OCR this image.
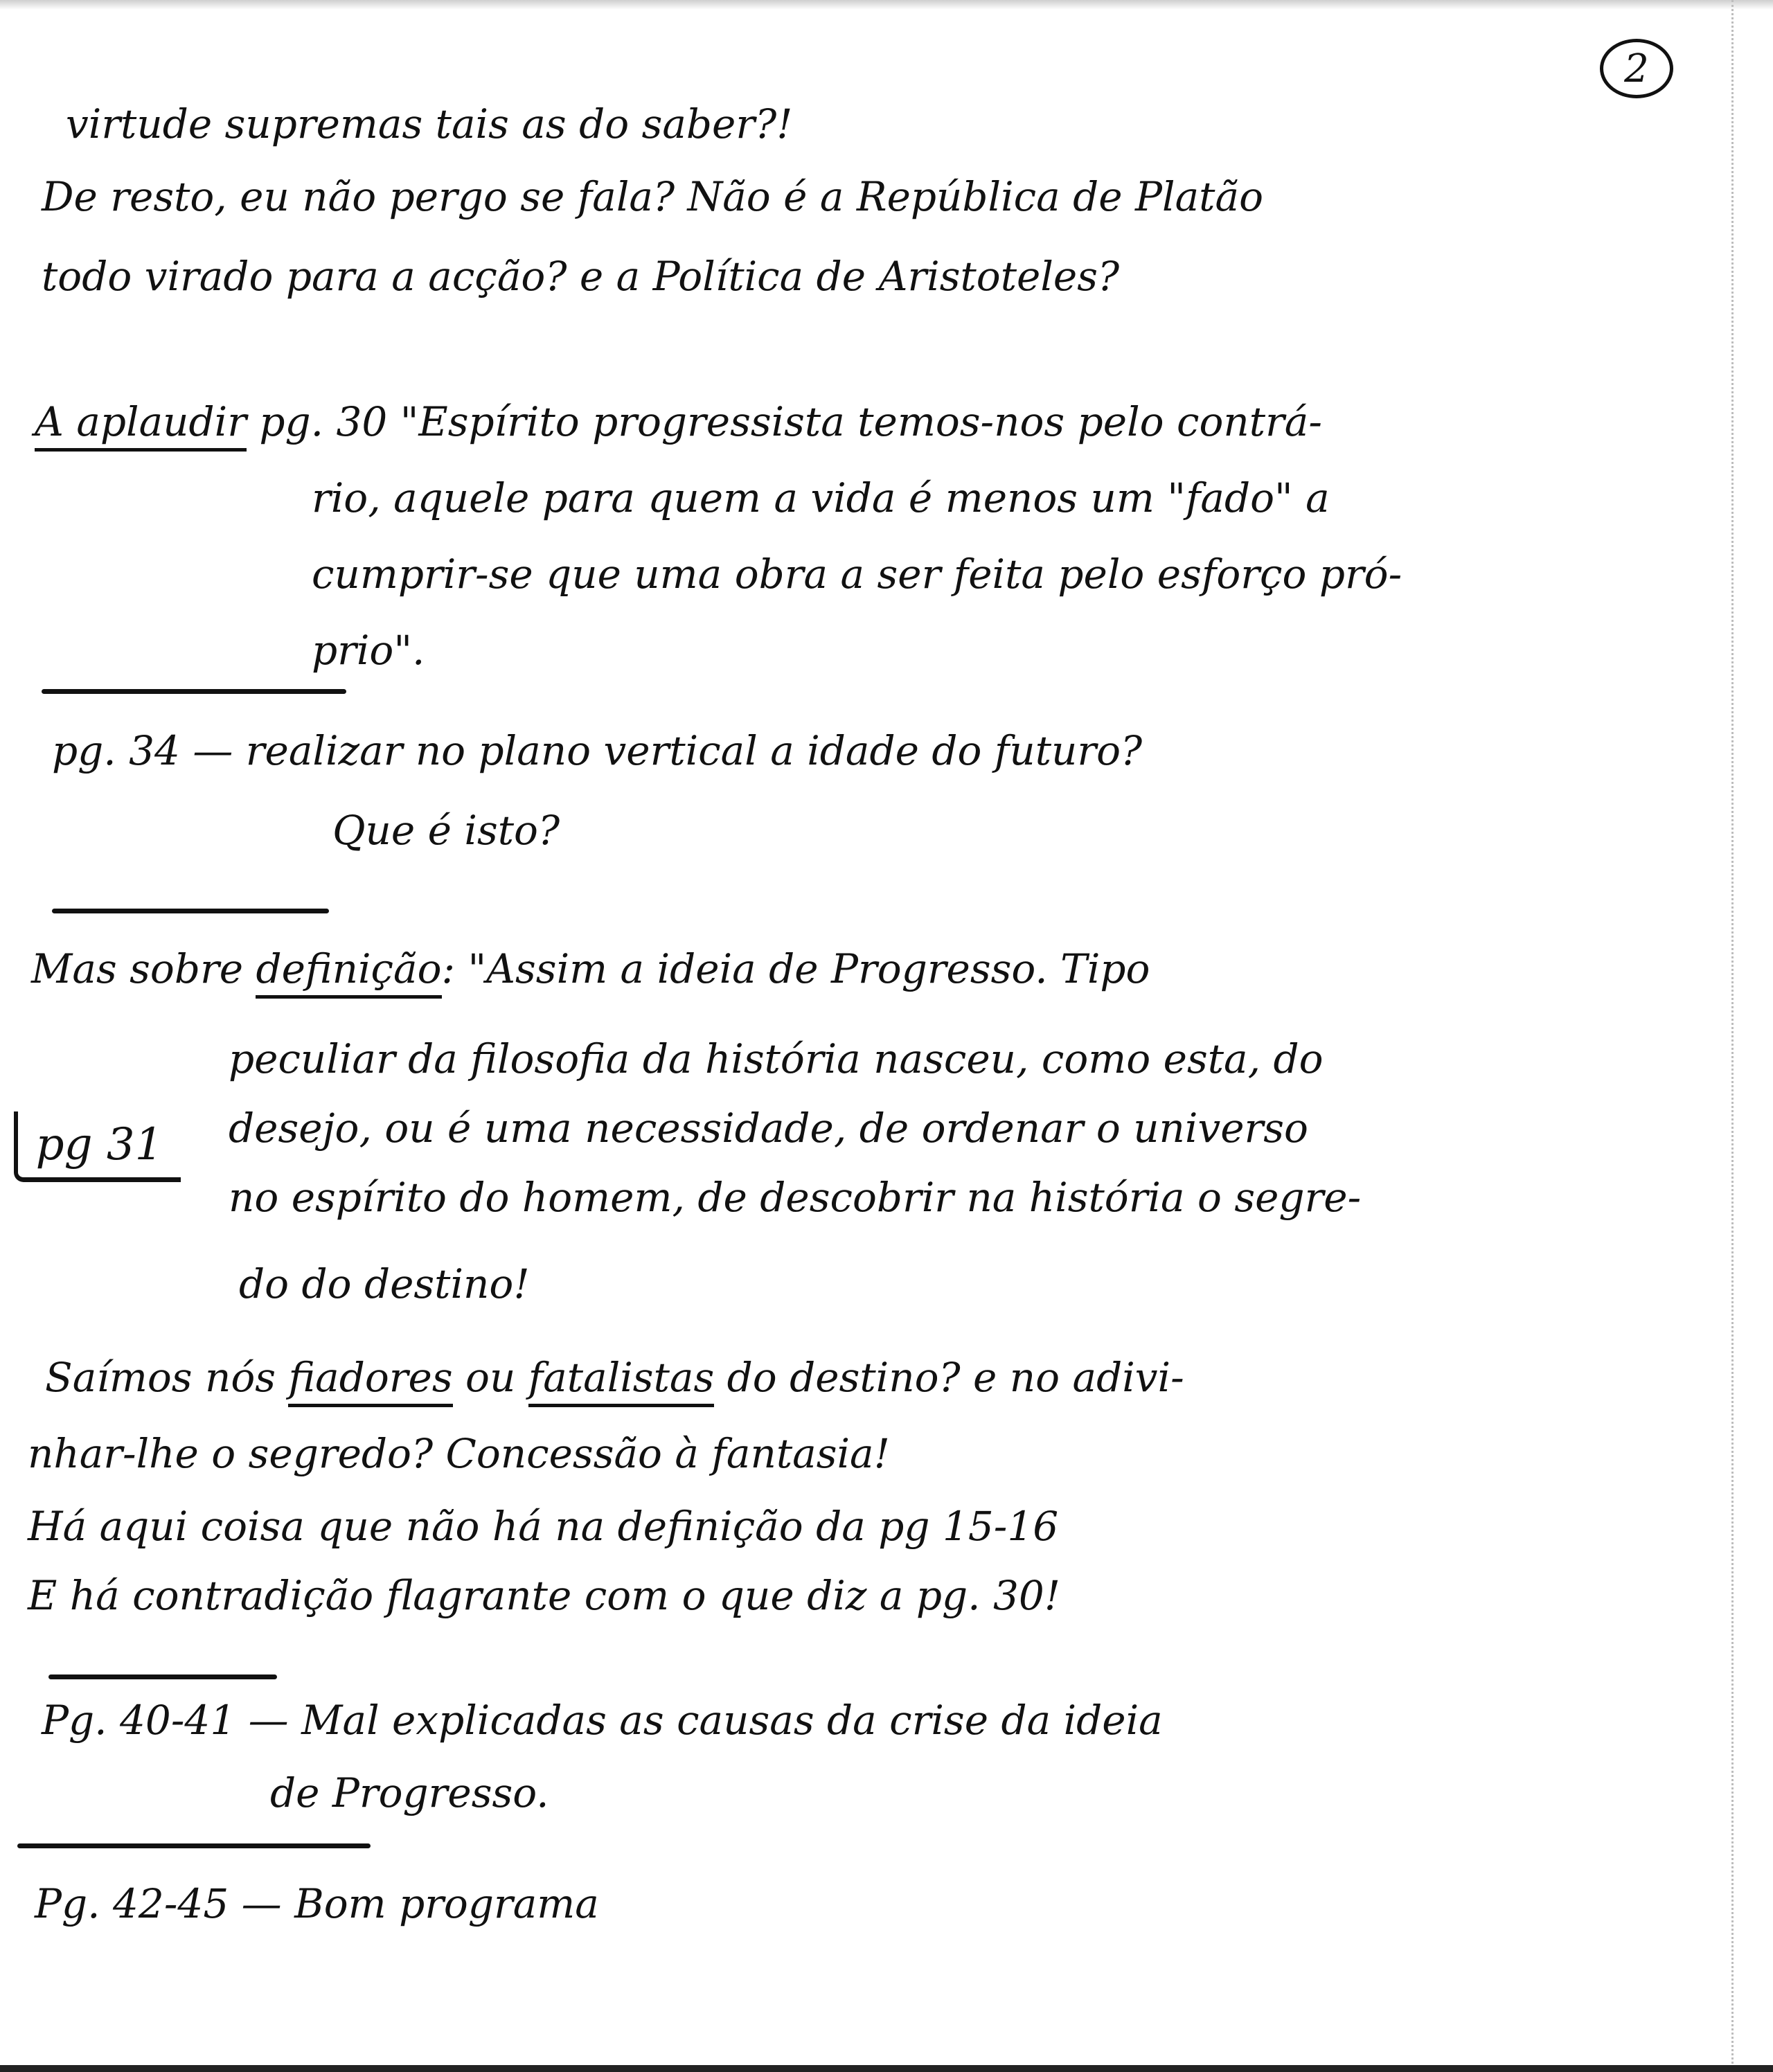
2
virtude supremas tais as do saber?!
De resto, eu não pergo se fala? Não é a República de Platão
todo virado para a acção? e a Política de Aristoteles?
A aplaudir pg. 30 "Espírito progressista temos-nos pelo contrá-
rio, aquele para quem a vida é menos um "fado" a
cumprir-se que uma obra a ser feita pelo esforço pró-
prio".
pg. 34 — realizar no plano vertical a idade do futuro?
Que é isto?
Mas sobre definição: "Assim a ideia de Progresso. Tipo
peculiar da filosofia da história nasceu, como esta, do
desejo, ou é uma necessidade, de ordenar o universo
no espírito do homem, de descobrir na história o segre-
do do destino!
pg 31
Saímos nós fiadores ou fatalistas do destino? e no adivi-
nhar-lhe o segredo? Concessão à fantasia!
Há aqui coisa que não há na definição da pg 15-16
E há contradição flagrante com o que diz a pg. 30!
Pg. 40-41 — Mal explicadas as causas da crise da ideia
de Progresso.
Pg. 42-45 — Bom programa
